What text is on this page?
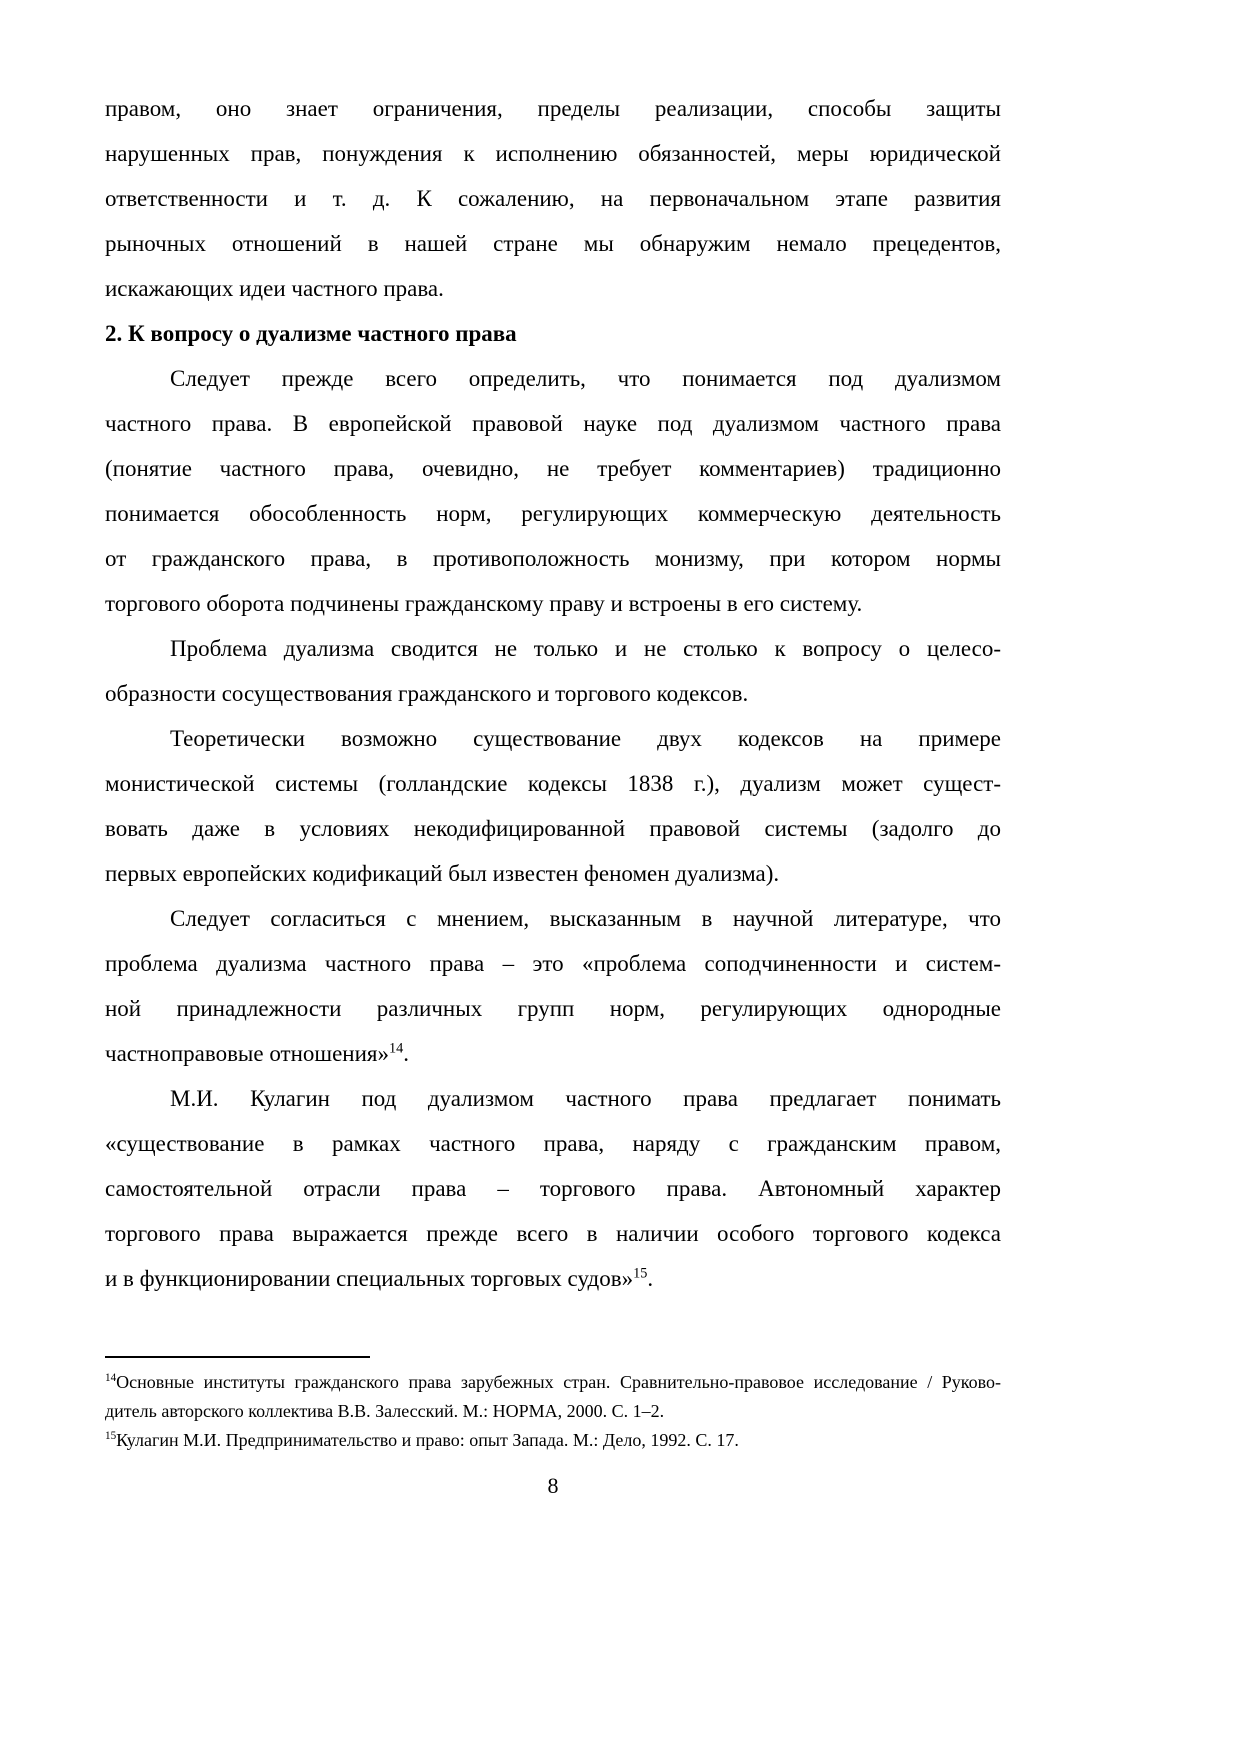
правом, оно знает ограничения, пределы реализации, способы защиты
нарушенных прав, понуждения к исполнению обязанностей, меры юридической
ответственности и т. д. К сожалению, на первоначальном этапе развития
рыночных отношений в нашей стране мы обнаружим немало прецедентов,
искажающих идеи частного права.
2. К вопросу о дуализме частного права
Следует прежде всего определить, что понимается под дуализмом
частного права. В европейской правовой науке под дуализмом частного права
(понятие частного права, очевидно, не требует комментариев) традиционно
понимается обособленность норм, регулирующих коммерческую деятельность
от гражданского права, в противоположность монизму, при котором нормы
торгового оборота подчинены гражданскому праву и встроены в его систему.
Проблема дуализма сводится не только и не столько к вопросу о целесо-
образности сосуществования гражданского и торгового кодексов.
Теоретически возможно существование двух кодексов на примере
монистической системы (голландские кодексы 1838 г.), дуализм может сущест-
вовать даже в условиях некодифицированной правовой системы (задолго до
первых европейских кодификаций был известен феномен дуализма).
Следует согласиться с мнением, высказанным в научной литературе, что
проблема дуализма частного права – это «проблема соподчиненности и систем-
ной принадлежности различных групп норм, регулирующих однородные
частноправовые отношения»$^{14}$.
М.И. Кулагин под дуализмом частного права предлагает понимать
«существование в рамках частного права, наряду с гражданским правом,
самостоятельной отрасли права – торгового права. Автономный характер
торгового права выражается прежде всего в наличии особого торгового кодекса
и в функционировании специальных торговых судов»$^{15}$.
$^{14}$Основные институты гражданского права зарубежных стран. Сравнительно-правовое исследование / Руково-
дитель авторского коллектива В.В. Залесский. М.: НОРМА, 2000. С. 1–2.
$^{15}$Кулагин М.И. Предпринимательство и право: опыт Запада. М.: Дело, 1992. С. 17.
8
